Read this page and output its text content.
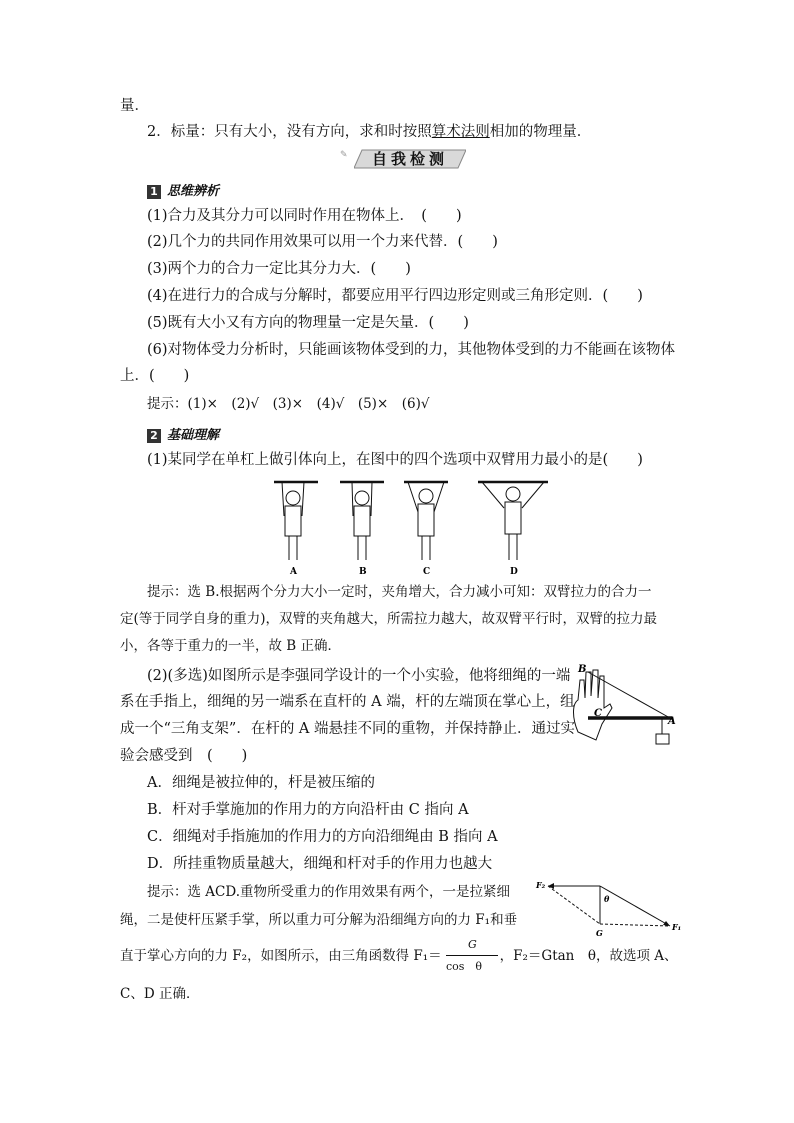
量．
2．标量：只有大小，没有方向，求和时按照算术法则相加的物理量．
自我检测
✎
1 思维辨析
(1)合力及其分力可以同时作用在物体上．　(　　)
(2)几个力的共同作用效果可以用一个力来代替．(　　)
(3)两个力的合力一定比其分力大．(　　)
(4)在进行力的合成与分解时，都要应用平行四边形定则或三角形定则．(　　)
(5)既有大小又有方向的物理量一定是矢量．(　　)
(6)对物体受力分析时，只能画该物体受到的力，其他物体受到的力不能画在该物体
上．(　　)
提示：(1)×　(2)√　(3)×　(4)√　(5)×　(6)√
2 基础理解
(1)某同学在单杠上做引体向上，在图中的四个选项中双臂用力最小的是(　　)
A	B	C	D
提示：选 B.根据两个分力大小一定时，夹角增大，合力减小可知：双臂拉力的合力一
定(等于同学自身的重力)，双臂的夹角越大，所需拉力越大，故双臂平行时，双臂的拉力最
小，各等于重力的一半，故 B 正确．
(2)(多选)如图所示是李强同学设计的一个小实验，他将细绳的一端
系在手指上，细绳的另一端系在直杆的 A 端，杆的左端顶在掌心上，组
成一个“三角支架”．在杆的 A 端悬挂不同的重物，并保持静止．通过实
验会感受到　(　　)
B
C
A
A．细绳是被拉伸的，杆是被压缩的
B．杆对手掌施加的作用力的方向沿杆由 C 指向 A
C．细绳对手指施加的作用力的方向沿细绳由 B 指向 A
D．所挂重物质量越大，细绳和杆对手的作用力也越大
提示：选 ACD.重物所受重力的作用效果有两个，一是拉紧细
绳，二是使杆压紧手掌，所以重力可分解为沿细绳方向的力 F₁和垂
F₂
F₁
θ
G
直于掌心方向的力 F₂，如图所示，由三角函数得 F₁＝	，F₂＝Gtan　θ，故选项 A、
G
cos　θ
C、D 正确．
